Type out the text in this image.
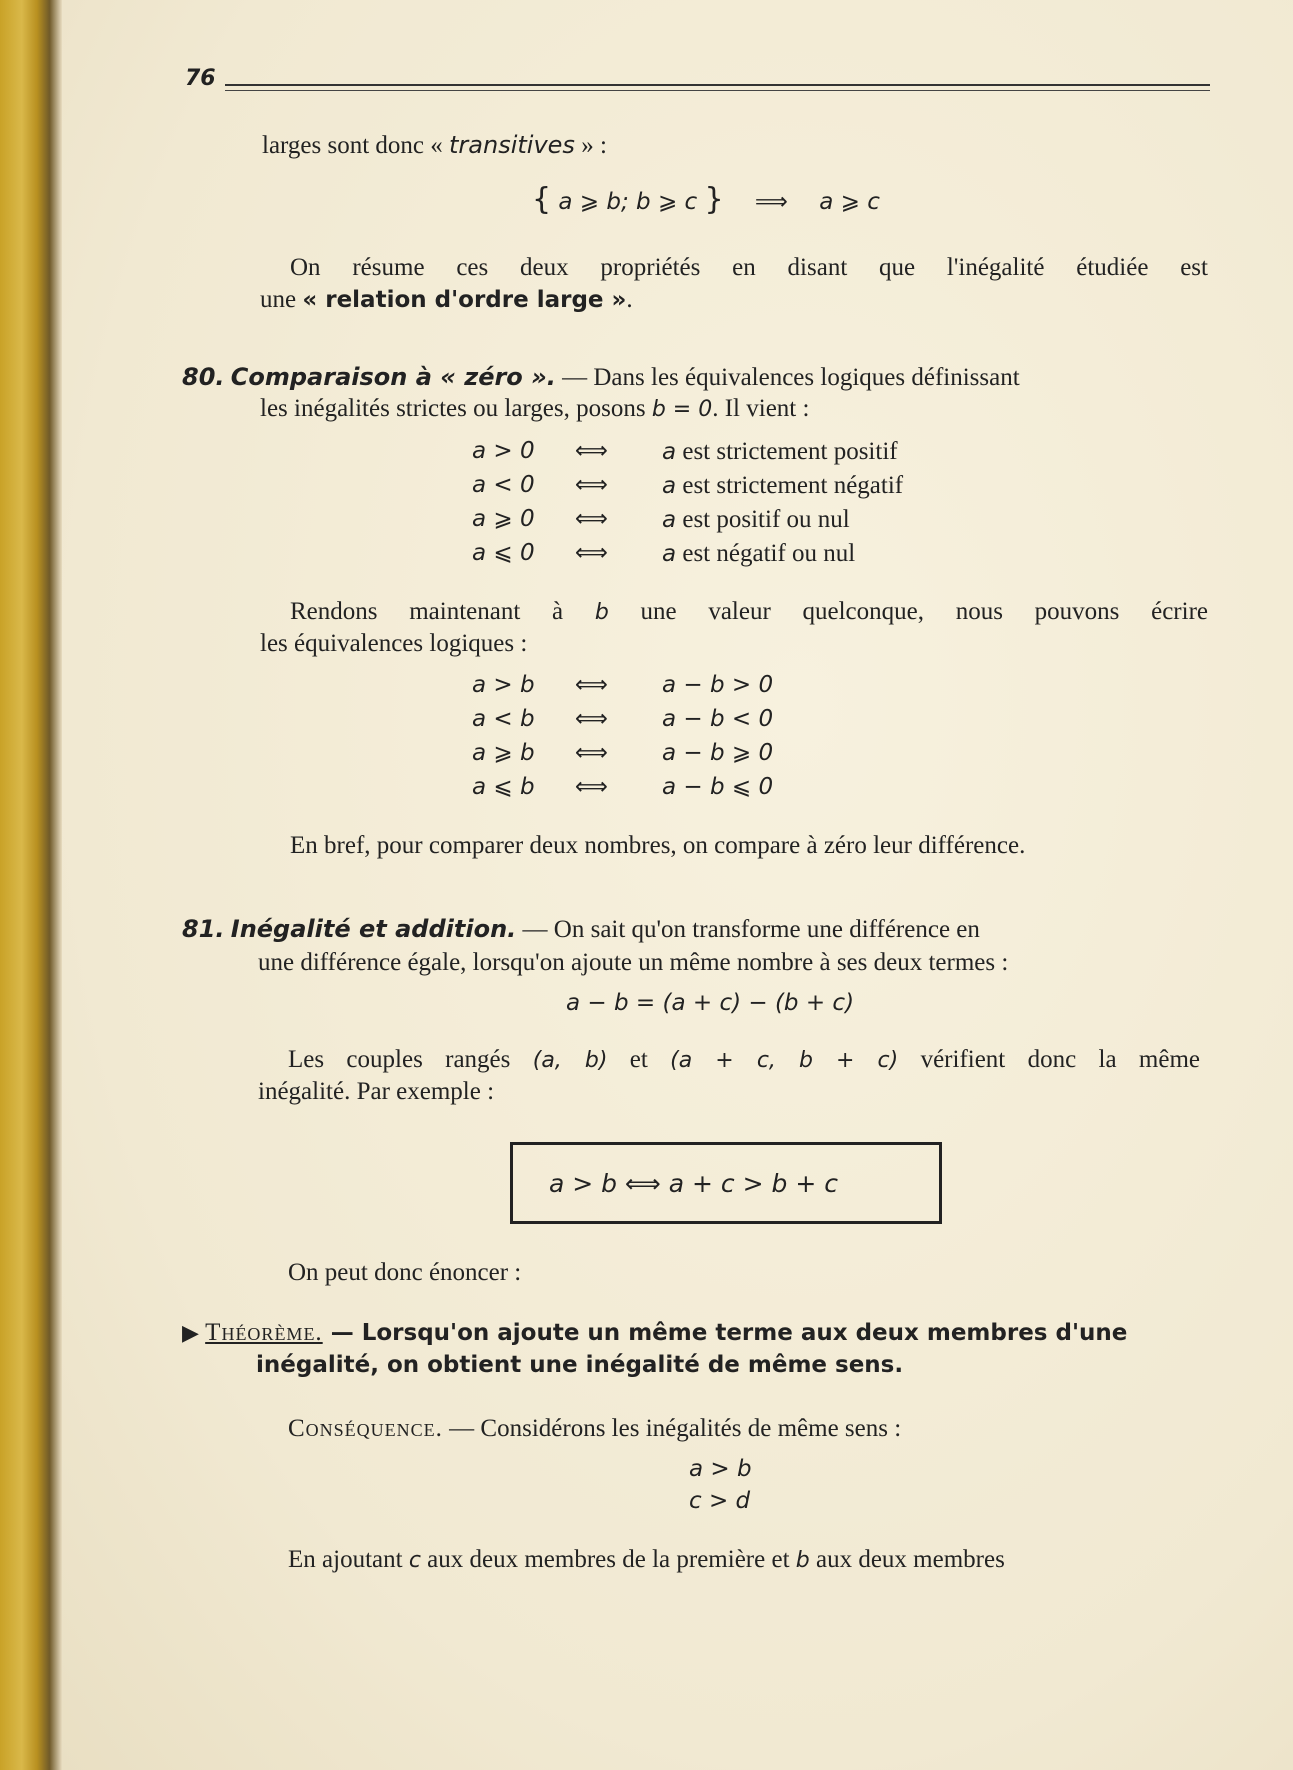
76
larges sont donc « transitives » :
{ a ⩾ b; b ⩾ c } ⟹ a ⩾ c
On résume ces deux propriétés en disant que l'inégalité étudiée est
une « relation d'ordre large ».
80. Comparaison à « zéro ». — Dans les équivalences logiques définissant
les inégalités strictes ou larges, posons b = 0. Il vient :
a > 0 ⟺ a est strictement positif
a < 0 ⟺ a est strictement négatif
a ⩾ 0 ⟺ a est positif ou nul
a ⩽ 0 ⟺ a est négatif ou nul
Rendons maintenant à b une valeur quelconque, nous pouvons écrire
les équivalences logiques :
a > b ⟺ a − b > 0
a < b ⟺ a − b < 0
a ⩾ b ⟺ a − b ⩾ 0
a ⩽ b ⟺ a − b ⩽ 0
En bref, pour comparer deux nombres, on compare à zéro leur différence.
81. Inégalité et addition. — On sait qu'on transforme une différence en
une différence égale, lorsqu'on ajoute un même nombre à ses deux termes :
a − b = (a + c) − (b + c)
Les couples rangés (a, b) et (a + c, b + c) vérifient donc la même
inégalité. Par exemple :
a > b ⟺ a + c > b + c
On peut donc énoncer :
▶ Théorème. — Lorsqu'on ajoute un même terme aux deux membres d'une
inégalité, on obtient une inégalité de même sens.
Conséquence. — Considérons les inégalités de même sens :
a > b
c > d
En ajoutant c aux deux membres de la première et b aux deux membres
